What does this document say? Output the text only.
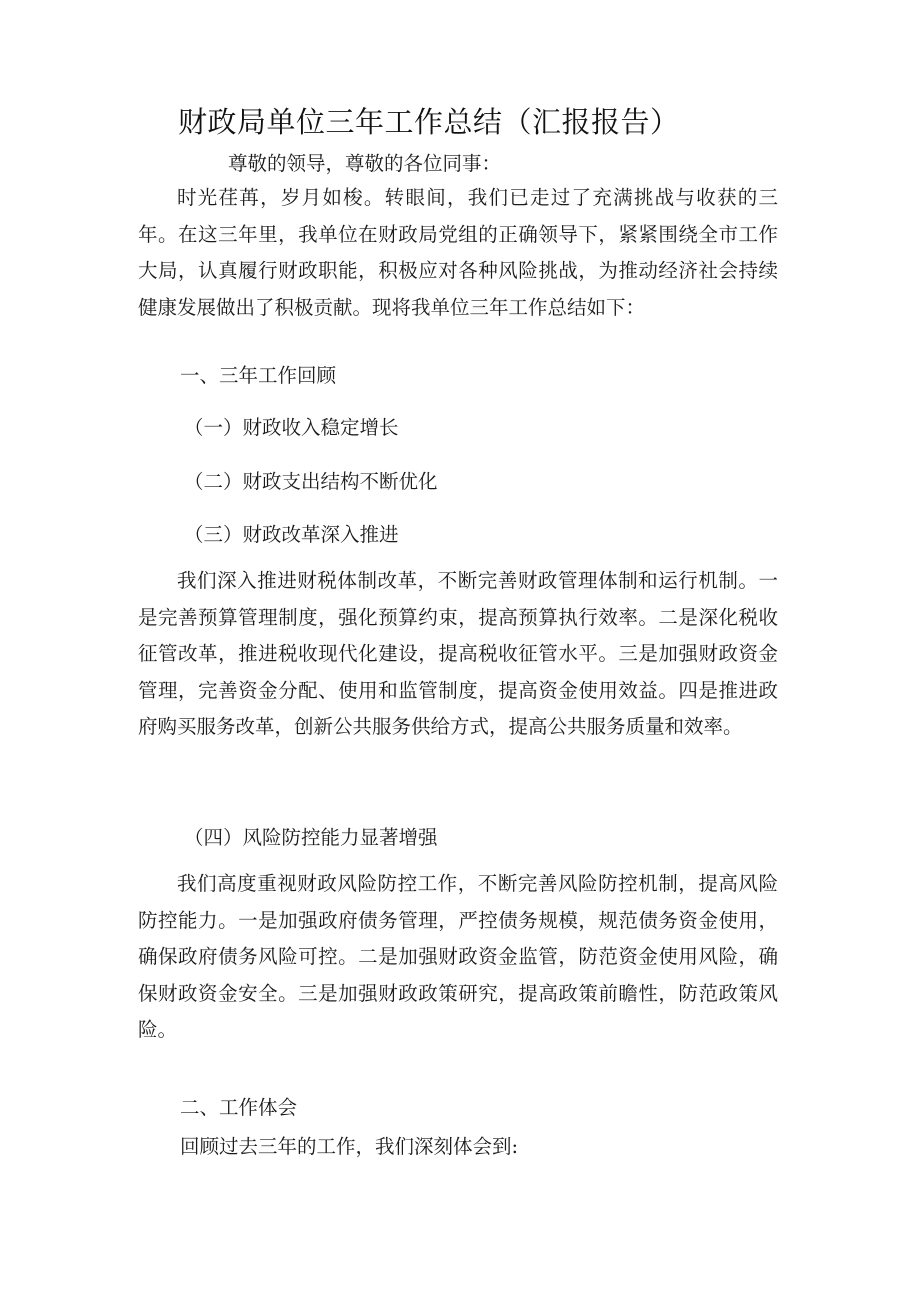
财政局单位三年工作总结（汇报报告）

尊敬的领导，尊敬的各位同事：

时光荏苒，岁月如梭。转眼间，我们已走过了充满挑战与收获的三年。在这三年里，我单位在财政局党组的正确领导下，紧紧围绕全市工作大局，认真履行财政职能，积极应对各种风险挑战，为推动经济社会持续健康发展做出了积极贡献。现将我单位三年工作总结如下：

一、三年工作回顾

（一）财政收入稳定增长

（二）财政支出结构不断优化

（三）财政改革深入推进

我们深入推进财税体制改革，不断完善财政管理体制和运行机制。一是完善预算管理制度，强化预算约束，提高预算执行效率。二是深化税收征管改革，推进税收现代化建设，提高税收征管水平。三是加强财政资金管理，完善资金分配、使用和监管制度，提高资金使用效益。四是推进政府购买服务改革，创新公共服务供给方式，提高公共服务质量和效率。

（四）风险防控能力显著增强

我们高度重视财政风险防控工作，不断完善风险防控机制，提高风险防控能力。一是加强政府债务管理，严控债务规模，规范债务资金使用，确保政府债务风险可控。二是加强财政资金监管，防范资金使用风险，确保财政资金安全。三是加强财政政策研究，提高政策前瞻性，防范政策风险。

二、工作体会

回顾过去三年的工作，我们深刻体会到:
